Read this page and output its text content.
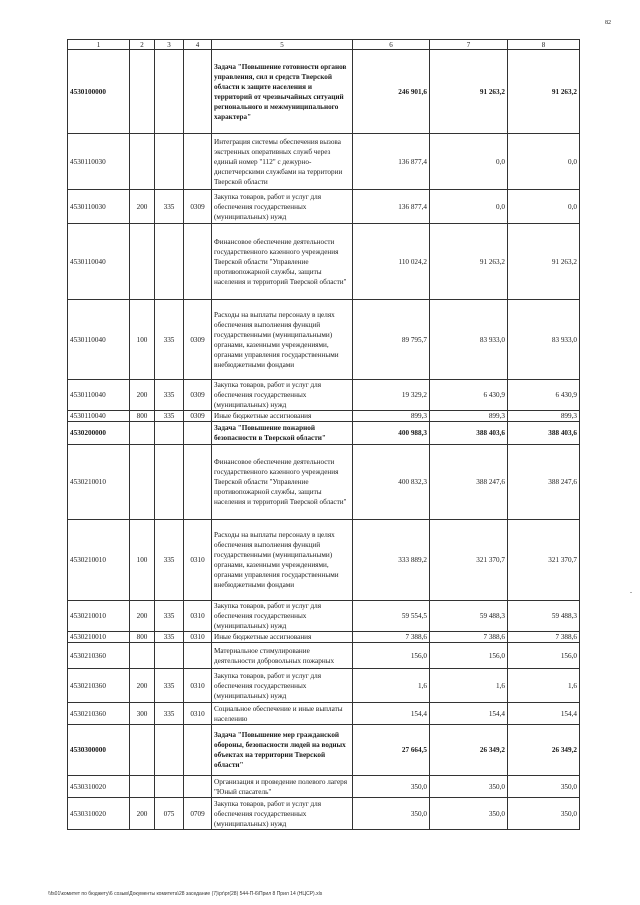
82
1	2	3	4	5	6	7	8
4530100000				Задача "Повышение готовности органов управления, сил и средств Тверской области к защите населения и территорий от чрезвычайных ситуаций регионального и межмуниципального характера"	246 901,6	91 263,2	91 263,2
4530110030				Интеграция системы обеспечения вызова экстренных оперативных служб через единый номер "112" с дежурно-диспетчерскими службами на территории Тверской области	136 877,4	0,0	0,0
4530110030	200	335	0309	Закупка товаров, работ и услуг для обеспечения государственных (муниципальных) нужд	136 877,4	0,0	0,0
4530110040				Финансовое обеспечение деятельности государственного казенного учреждения Тверской области "Управление противопожарной службы, защиты населения и территорий Тверской области"	110 024,2	91 263,2	91 263,2
4530110040	100	335	0309	Расходы на выплаты персоналу в целях обеспечения выполнения функций государственными (муниципальными) органами, казенными учреждениями, органами управления государственными внебюджетными фондами	89 795,7	83 933,0	83 933,0
4530110040	200	335	0309	Закупка товаров, работ и услуг для обеспечения государственных (муниципальных) нужд	19 329,2	6 430,9	6 430,9
4530110040	800	335	0309	Иные бюджетные ассигнования	899,3	899,3	899,3
4530200000				Задача "Повышение пожарной безопасности в Тверской области"	400 988,3	388 403,6	388 403,6
4530210010				Финансовое обеспечение деятельности государственного казенного учреждения Тверской области "Управление противопожарной службы, защиты населения и территорий Тверской области"	400 832,3	388 247,6	388 247,6
4530210010	100	335	0310	Расходы на выплаты персоналу в целях обеспечения выполнения функций государственными (муниципальными) органами, казенными учреждениями, органами управления государственными внебюджетными фондами	333 889,2	321 370,7	321 370,7
4530210010	200	335	0310	Закупка товаров, работ и услуг для обеспечения государственных (муниципальных) нужд	59 554,5	59 488,3	59 488,3
4530210010	800	335	0310	Иные бюджетные ассигнования	7 388,6	7 388,6	7 388,6
4530210360				Материальное стимулирование деятельности добровольных пожарных	156,0	156,0	156,0
4530210360	200	335	0310	Закупка товаров, работ и услуг для обеспечения государственных (муниципальных) нужд	1,6	1,6	1,6
4530210360	300	335	0310	Социальное обеспечение и иные выплаты населению	154,4	154,4	154,4
4530300000				Задача "Повышение мер гражданской обороны, безопасности людей на водных объектах на территории Тверской области"	27 664,5	26 349,2	26 349,2
4530310020				Организация и проведение полевого лагеря "Юный спасатель"	350,0	350,0	350,0
4530310020	200	075	0709	Закупка товаров, работ и услуг для обеспечения государственных (муниципальных) нужд	350,0	350,0	350,0
-
\\fs01\комитет по бюджету\6 созыв\Документы комитета\28 заседание (7)\pr\pr(28) 544-П-6\Прил 8 Прил 14 (НЦСР).xls
